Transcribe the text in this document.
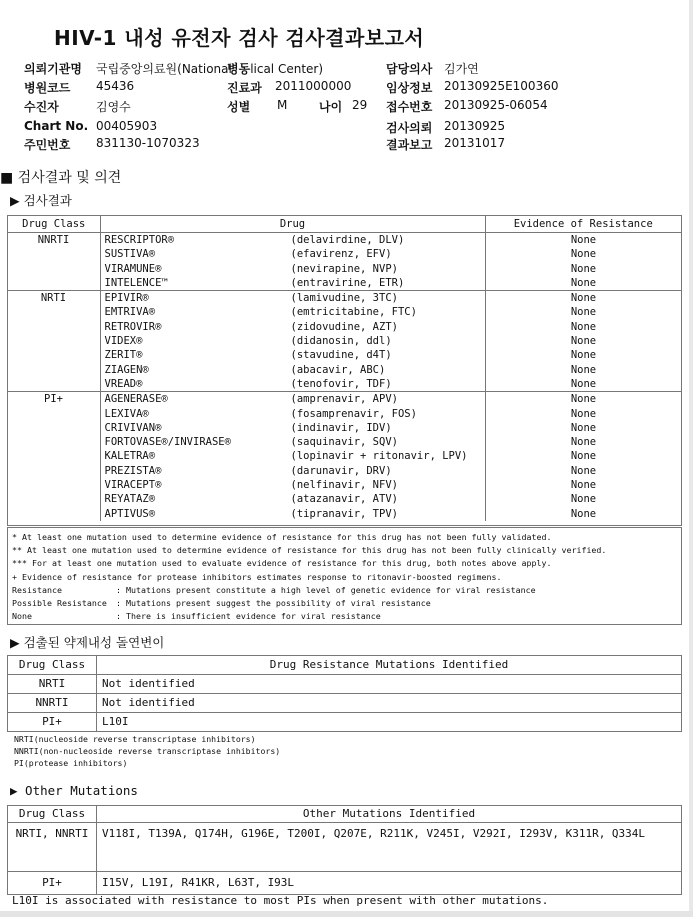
HIV-1 내성 유전자 검사 검사결과보고서
의뢰기관명 국립중앙의료원(National
병동lical Center)	담당의사 김가연
병원코드 45436	진료과 2011000000	임상정보 20130925E100360
수진자	김영수	성별 M	나이 29 접수번호 20130925-06054
Chart No. 00405903	검사의뢰 20130925
주민번호 831130-1070323	결과보고 20131017
■ 검사결과 및 의견
▶ 검사결과
Drug Class	Drug	Evidence of Resistance
NNRTI	RESCRIPTOR® (delavirdine, DLV)	None
	SUSTIVA® (efavirenz, EFV)	None
	VIRAMUNE® (nevirapine, NVP)	None
	INTELENCE™ (entravirine, ETR)	None
NRTI	EPIVIR® (lamivudine, 3TC)	None
	EMTRIVA® (emtricitabine, FTC)	None
	RETROVIR® (zidovudine, AZT)	None
	VIDEX® (didanosin, ddl)	None
	ZERIT® (stavudine, d4T)	None
	ZIAGEN® (abacavir, ABC)	None
	VREAD® (tenofovir, TDF)	None
PI+	AGENERASE® (amprenavir, APV)	None
	LEXIVA® (fosamprenavir, FOS)	None
	CRIVIVAN® (indinavir, IDV)	None
	FORTOVASE®/INVIRASE® (saquinavir, SQV)	None
	KALETRA® (lopinavir + ritonavir, LPV)	None
	PREZISTA® (darunavir, DRV)	None
	VIRACEPT® (nelfinavir, NFV)	None
	REYATAZ® (atazanavir, ATV)	None
	APTIVUS® (tipranavir, TPV)	None
* At least one mutation used to determine evidence of resistance for this drug has not been fully validated.
** At least one mutation used to determine evidence of resistance for this drug has not been fully clinically verified.
*** For at least one mutation used to evaluate evidence of resistance for this drug, both notes above apply.
+ Evidence of resistance for protease inhibitors estimates response to ritonavir-boosted regimens.
Resistance	: Mutations present constitute a high level of genetic evidence for viral resistance
Possible Resistance : Mutations present suggest the possibility of viral resistance
None	: There is insufficient evidence for viral resistance
▶ 검출된 약제내성 돌연변이
Drug Class	Drug Resistance Mutations Identified
NRTI	Not identified
NNRTI	Not identified
PI+	L10I
NRTI(nucleoside reverse transcriptase inhibitors)
NNRTI(non-nucleoside reverse transcriptase inhibitors)
PI(protease inhibitors)
▶ Other Mutations
Drug Class	Other Mutations Identified
NRTI, NNRTI	V118I, T139A, Q174H, G196E, T200I, Q207E, R211K, V245I, V292I, I293V, K311R, Q334L
PI+	I15V, L19I, R41KR, L63T, I93L
L10I is associated with resistance to most PIs when present with other mutations.
